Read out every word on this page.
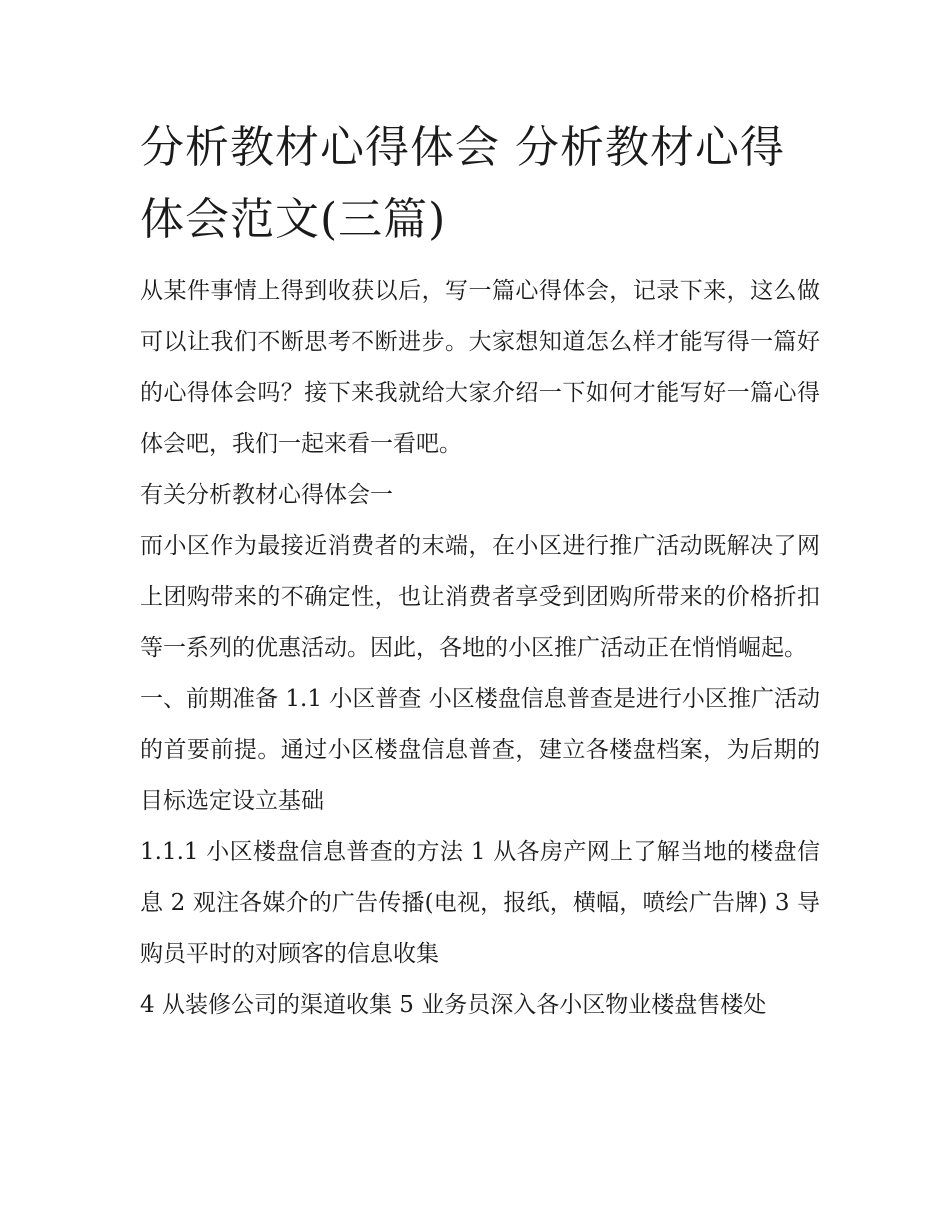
分析教材心得体会 分析教材心得体会范文(三篇)

从某件事情上得到收获以后，写一篇心得体会，记录下来，这么做可以让我们不断思考不断进步。大家想知道怎么样才能写得一篇好的心得体会吗？接下来我就给大家介绍一下如何才能写好一篇心得体会吧，我们一起来看一看吧。

有关分析教材心得体会一

而小区作为最接近消费者的末端，在小区进行推广活动既解决了网上团购带来的不确定性，也让消费者享受到团购所带来的价格折扣等一系列的优惠活动。因此，各地的小区推广活动正在悄悄崛起。

一、前期准备 1.1 小区普查 小区楼盘信息普查是进行小区推广活动的首要前提。通过小区楼盘信息普查，建立各楼盘档案，为后期的目标选定设立基础

1.1.1 小区楼盘信息普查的方法 1 从各房产网上了解当地的楼盘信息 2 观注各媒介的广告传播(电视，报纸，横幅，喷绘广告牌) 3 导购员平时的对顾客的信息收集

4 从装修公司的渠道收集 5 业务员深入各小区物业楼盘售楼处
